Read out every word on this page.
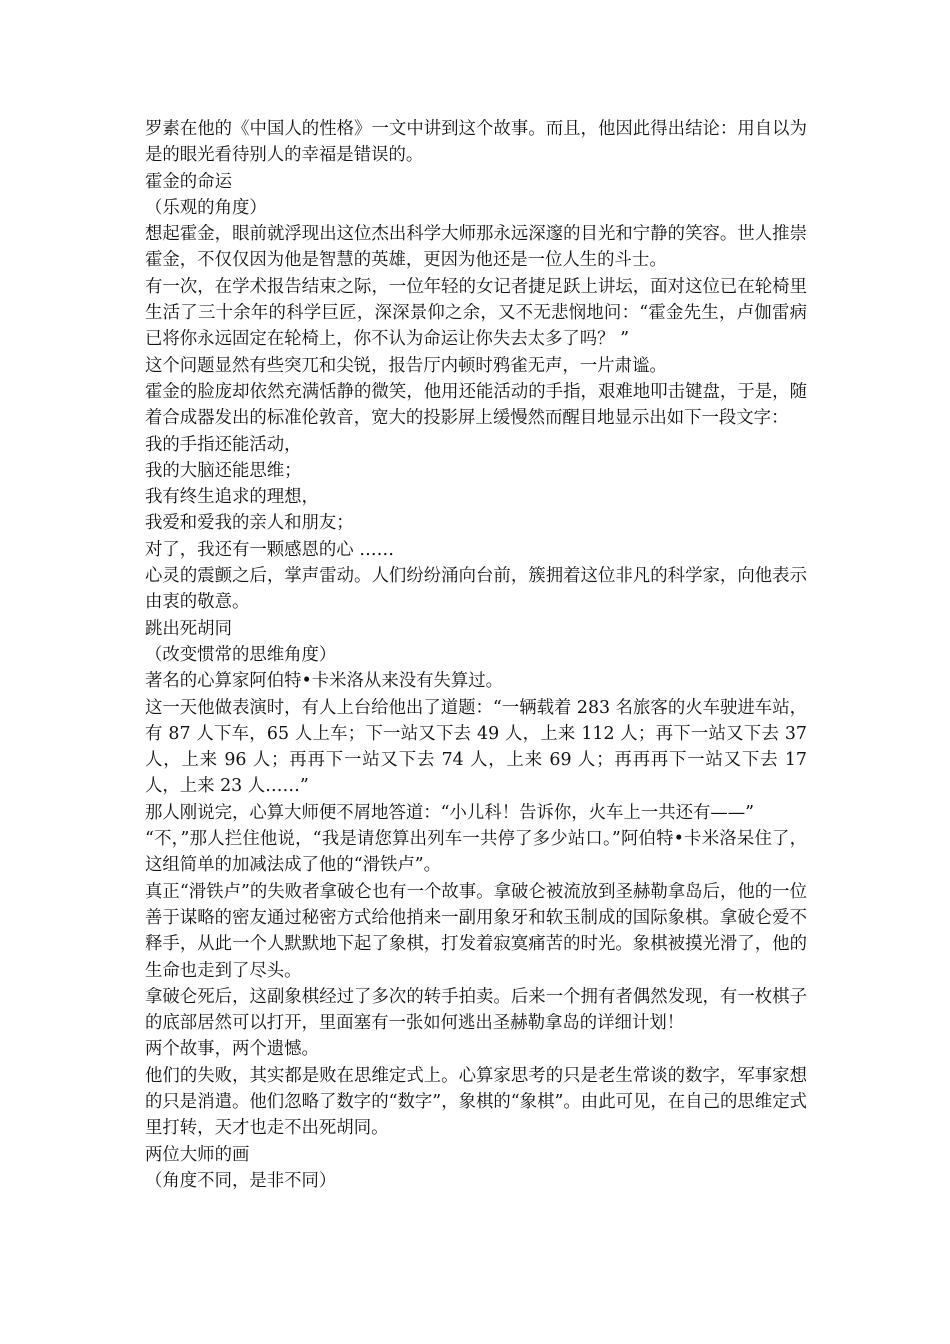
罗素在他的《中国人的性格》一文中讲到这个故事。而且，他因此得出结论：用自以为是的眼光看待别人的幸福是错误的。

霍金的命运

（乐观的角度）

想起霍金，眼前就浮现出这位杰出科学大师那永远深邃的目光和宁静的笑容。世人推崇霍金，不仅仅因为他是智慧的英雄，更因为他还是一位人生的斗士。

有一次，在学术报告结束之际，一位年轻的女记者捷足跃上讲坛，面对这位已在轮椅里生活了三十余年的科学巨匠，深深景仰之余，又不无悲悯地问：“霍金先生，卢伽雷病已将你永远固定在轮椅上，你不认为命运让你失去太多了吗？ ”

这个问题显然有些突兀和尖锐，报告厅内顿时鸦雀无声，一片肃谧。

霍金的脸庞却依然充满恬静的微笑，他用还能活动的手指，艰难地叩击键盘，于是，随着合成器发出的标准伦敦音，宽大的投影屏上缓慢然而醒目地显示出如下一段文字：

我的手指还能活动，

我的大脑还能思维；

我有终生追求的理想，

我爱和爱我的亲人和朋友；

对了，我还有一颗感恩的心 ……

心灵的震颤之后，掌声雷动。人们纷纷涌向台前，簇拥着这位非凡的科学家，向他表示由衷的敬意。

跳出死胡同

（改变惯常的思维角度）

著名的心算家阿伯特•卡米洛从来没有失算过。

这一天他做表演时，有人上台给他出了道题：“一辆载着 283 名旅客的火车驶进车站，有 87 人下车，65 人上车；下一站又下去 49 人，上来 112 人；再下一站又下去 37 人，上来 96 人；再再下一站又下去 74 人，上来 69 人；再再再下一站又下去 17 人，上来 23 人……”

那人刚说完，心算大师便不屑地答道：“小儿科！告诉你，火车上一共还有——”

“不，”那人拦住他说，“我是请您算出列车一共停了多少站口。”阿伯特•卡米洛呆住了，这组简单的加减法成了他的“滑铁卢”。

真正“滑铁卢”的失败者拿破仑也有一个故事。拿破仑被流放到圣赫勒拿岛后，他的一位善于谋略的密友通过秘密方式给他捎来一副用象牙和软玉制成的国际象棋。拿破仑爱不释手，从此一个人默默地下起了象棋，打发着寂寞痛苦的时光。象棋被摸光滑了，他的生命也走到了尽头。

拿破仑死后，这副象棋经过了多次的转手拍卖。后来一个拥有者偶然发现，有一枚棋子的底部居然可以打开，里面塞有一张如何逃出圣赫勒拿岛的详细计划！

两个故事，两个遗憾。

他们的失败，其实都是败在思维定式上。心算家思考的只是老生常谈的数字，军事家想的只是消遣。他们忽略了数字的“数字”，象棋的“象棋”。由此可见，在自己的思维定式里打转，天才也走不出死胡同。

两位大师的画

（角度不同，是非不同）
